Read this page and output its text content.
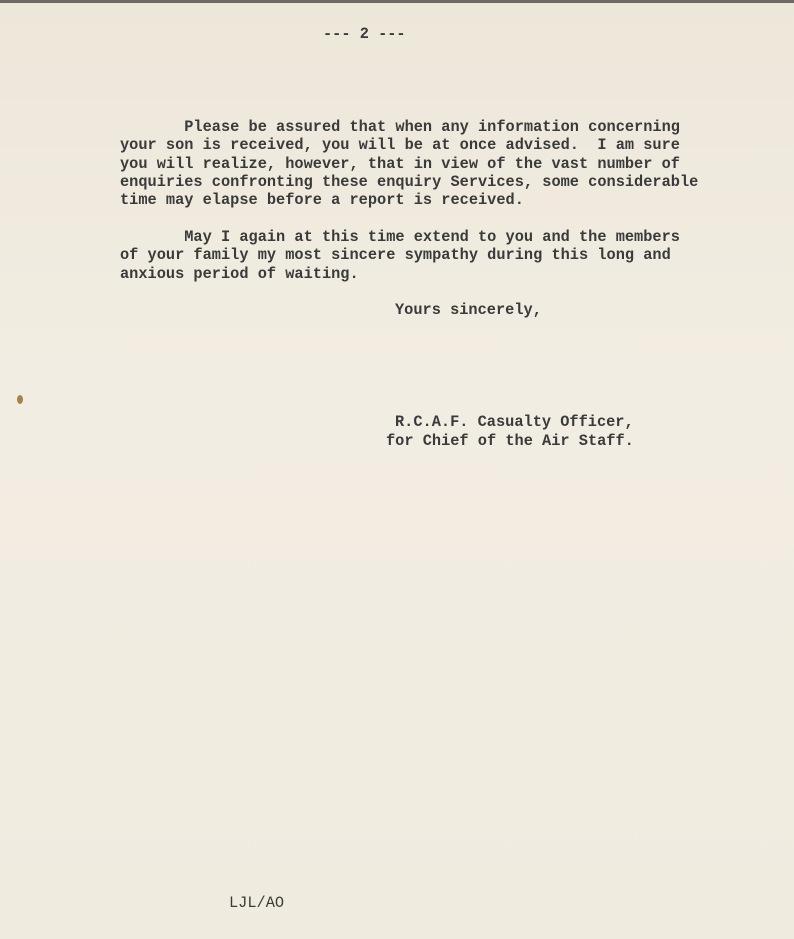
--- 2 ---
Please be assured that when any information concerning
your son is received, you will be at once advised.  I am sure
you will realize, however, that in view of the vast number of
enquiries confronting these enquiry Services, some considerable
time may elapse before a report is received.
May I again at this time extend to you and the members
of your family my most sincere sympathy during this long and
anxious period of waiting.
Yours sincerely,
R.C.A.F. Casualty Officer,
for Chief of the Air Staff.
LJL/AO
